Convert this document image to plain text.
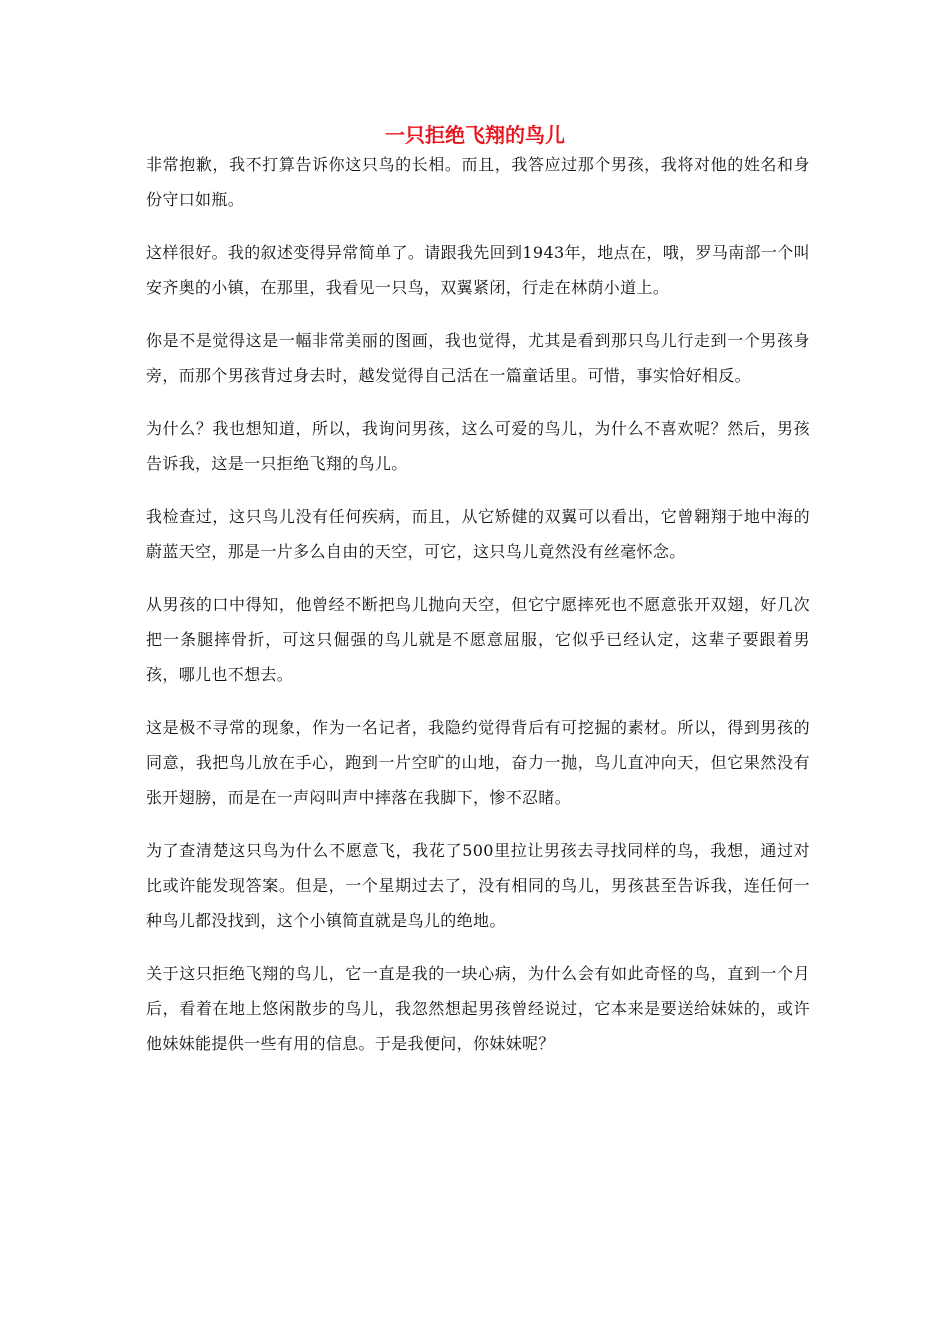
一只拒绝飞翔的鸟儿

非常抱歉，我不打算告诉你这只鸟的长相。而且，我答应过那个男孩，我将对他的姓名和身份守口如瓶。

这样很好。我的叙述变得异常简单了。请跟我先回到1943年，地点在，哦，罗马南部一个叫安齐奥的小镇，在那里，我看见一只鸟，双翼紧闭，行走在林荫小道上。

你是不是觉得这是一幅非常美丽的图画，我也觉得，尤其是看到那只鸟儿行走到一个男孩身旁，而那个男孩背过身去时，越发觉得自己活在一篇童话里。可惜，事实恰好相反。

为什么？我也想知道，所以，我询问男孩，这么可爱的鸟儿，为什么不喜欢呢？然后，男孩告诉我，这是一只拒绝飞翔的鸟儿。

我检查过，这只鸟儿没有任何疾病，而且，从它矫健的双翼可以看出，它曾翱翔于地中海的蔚蓝天空，那是一片多么自由的天空，可它，这只鸟儿竟然没有丝毫怀念。

从男孩的口中得知，他曾经不断把鸟儿抛向天空，但它宁愿摔死也不愿意张开双翅，好几次把一条腿摔骨折，可这只倔强的鸟儿就是不愿意屈服，它似乎已经认定，这辈子要跟着男孩，哪儿也不想去。

这是极不寻常的现象，作为一名记者，我隐约觉得背后有可挖掘的素材。所以，得到男孩的同意，我把鸟儿放在手心，跑到一片空旷的山地，奋力一抛，鸟儿直冲向天，但它果然没有张开翅膀，而是在一声闷叫声中摔落在我脚下，惨不忍睹。

为了查清楚这只鸟为什么不愿意飞，我花了500里拉让男孩去寻找同样的鸟，我想，通过对比或许能发现答案。但是，一个星期过去了，没有相同的鸟儿，男孩甚至告诉我，连任何一种鸟儿都没找到，这个小镇简直就是鸟儿的绝地。

关于这只拒绝飞翔的鸟儿，它一直是我的一块心病，为什么会有如此奇怪的鸟，直到一个月后，看着在地上悠闲散步的鸟儿，我忽然想起男孩曾经说过，它本来是要送给妹妹的，或许他妹妹能提供一些有用的信息。于是我便问，你妹妹呢？
